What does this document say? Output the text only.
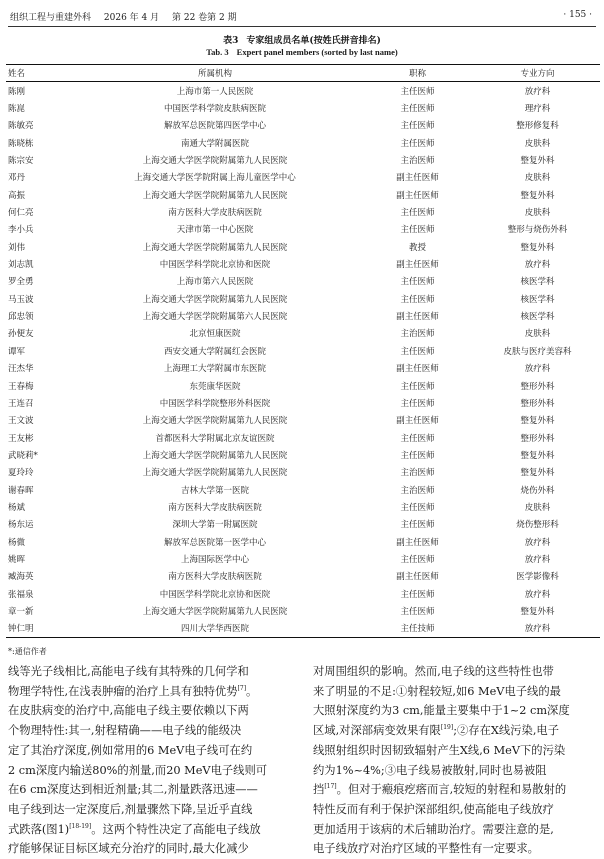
组织工程与重建外科 2026 年 4 月 第 22 卷第 2 期	· 155 ·
表3 专家组成员名单(按姓氏拼音排名)
Tab. 3 Expert panel members (sorted by last name)
姓名	所属机构	职称	专业方向
陈刚	上海市第一人民医院	主任医师	放疗科
陈崑	中国医学科学院皮肤病医院	主任医师	理疗科
陈敏亮	解放军总医院第四医学中心	主任医师	整形修复科
陈晓栋	南通大学附属医院	主任医师	皮肤科
陈宗安	上海交通大学医学院附属第九人民医院	主治医师	整复外科
邓丹	上海交通大学医学院附属上海儿童医学中心	副主任医师	皮肤科
高振	上海交通大学医学院附属第九人民医院	副主任医师	整复外科
何仁亮	南方医科大学皮肤病医院	主任医师	皮肤科
李小兵	天津市第一中心医院	主任医师	整形与烧伤外科
刘伟	上海交通大学医学院附属第九人民医院	教授	整复外科
刘志凯	中国医学科学院北京协和医院	副主任医师	放疗科
罗全勇	上海市第六人民医院	主任医师	核医学科
马玉波	上海交通大学医学院附属第九人民医院	主任医师	核医学科
邱忠领	上海交通大学医学院附属第六人民医院	副主任医师	核医学科
孙便友	北京恒康医院	主治医师	皮肤科
谭军	西安交通大学附属红会医院	主任医师	皮肤与医疗美容科
汪杰华	上海理工大学附属市东医院	副主任医师	放疗科
王春梅	东莞康华医院	主任医师	整形外科
王连召	中国医学科学院整形外科医院	主任医师	整形外科
王文波	上海交通大学医学院附属第九人民医院	副主任医师	整复外科
王友彬	首都医科大学附属北京友谊医院	主任医师	整形外科
武晓莉*	上海交通大学医学院附属第九人民医院	主任医师	整复外科
夏玲玲	上海交通大学医学院附属第九人民医院	主治医师	整复外科
谢春晖	吉林大学第一医院	主治医师	烧伤外科
杨斌	南方医科大学皮肤病医院	主任医师	皮肤科
杨东运	深圳大学第一附属医院	主任医师	烧伤整形科
杨微	解放军总医院第一医学中心	副主任医师	放疗科
姚晖	上海国际医学中心	主任医师	放疗科
臧海英	南方医科大学皮肤病医院	副主任医师	医学影像科
张福泉	中国医学科学院北京协和医院	主任医师	放疗科
章一新	上海交通大学医学院附属第九人民医院	主任医师	整复外科
钟仁明	四川大学华西医院	主任技师	放疗科
*:通信作者
线等光子线相比,高能电子线有其特殊的几何学和
物理学特性,在浅表肿瘤的治疗上具有独特优势[7]。
在皮肤病变的治疗中,高能电子线主要依赖以下两
个物理特性:其一,射程精确——电子线的能级决
定了其治疗深度,例如常用的6 MeV电子线可在约
2 cm深度内输送80%的剂量,而20 MeV电子线则可
在6 cm深度达到相近剂量;其二,剂量跌落迅速——
电子线到达一定深度后,剂量骤然下降,呈近乎直线
式跌落(图1)[18-19]。这两个特性决定了高能电子线放
疗能够保证目标区域充分治疗的同时,最大化减少
对周围组织的影响。然而,电子线的这些特性也带
来了明显的不足:①射程较短,如6 MeV电子线的最
大照射深度约为3 cm,能量主要集中于1~2 cm深度
区域,对深部病变效果有限[19];②存在X线污染,电子
线照射组织时因韧致辐射产生X线,6 MeV下的污染
约为1%~4%;③电子线易被散射,同时也易被阻
挡[17]。但对于瘢痕疙瘩而言,较短的射程和易散射的
特性反而有利于保护深部组织,使高能电子线放疗
更加适用于该病的术后辅助治疗。需要注意的是,
电子线放疗对治疗区域的平整性有一定要求。
